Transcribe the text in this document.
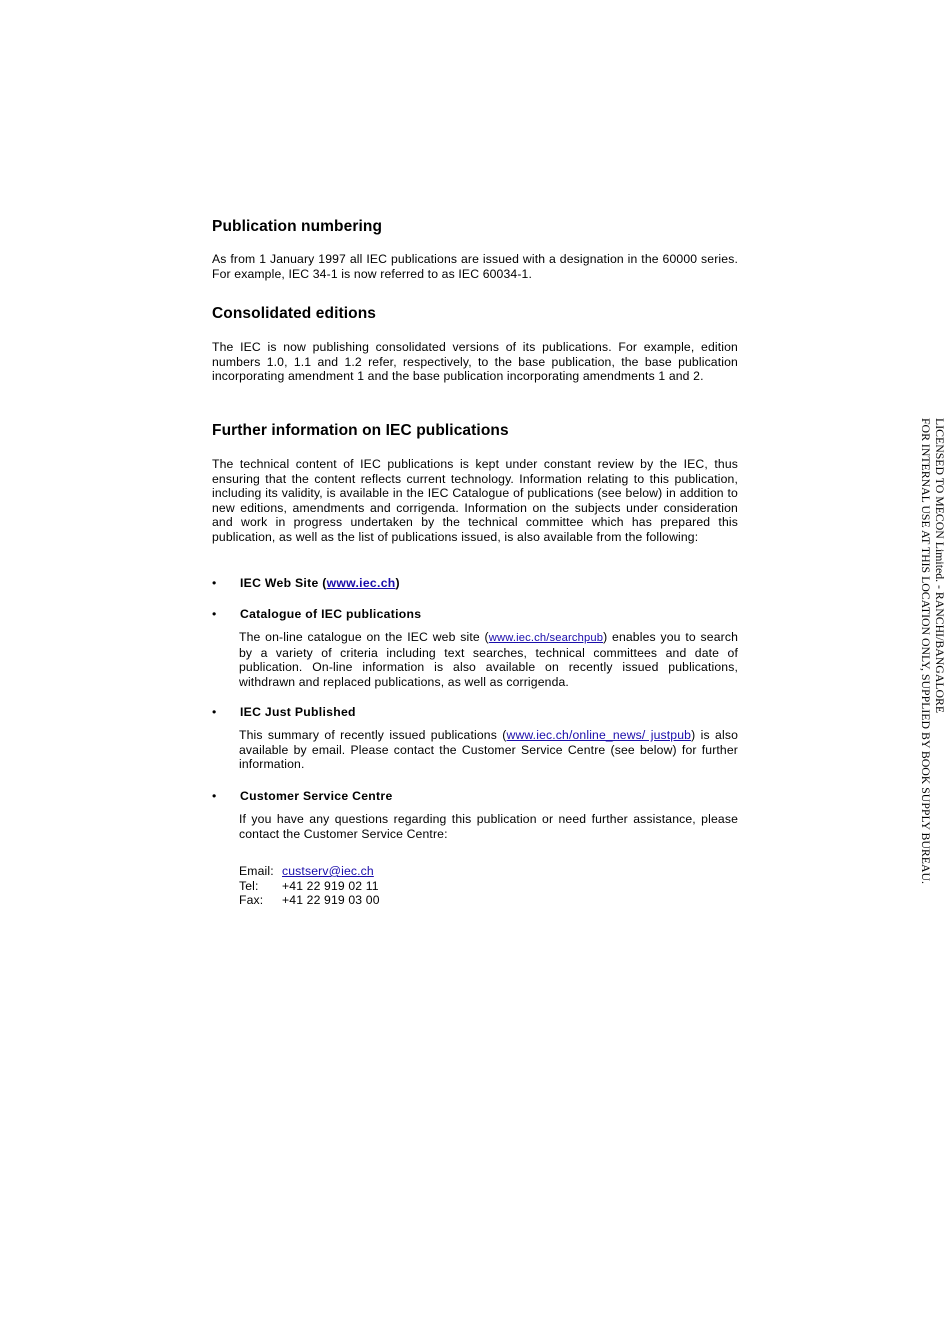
Publication numbering

As from 1 January 1997 all IEC publications are issued with a designation in the 60000 series. For example, IEC 34-1 is now referred to as IEC 60034-1.

Consolidated editions

The IEC is now publishing consolidated versions of its publications. For example, edition numbers 1.0, 1.1 and 1.2 refer, respectively, to the base publication, the base publication incorporating amendment 1 and the base publication incorporating amendments 1 and 2.

Further information on IEC publications

The technical content of IEC publications is kept under constant review by the IEC, thus ensuring that the content reflects current technology. Information relating to this publication, including its validity, is available in the IEC Catalogue of publications (see below) in addition to new editions, amendments and corrigenda. Information on the subjects under consideration and work in progress undertaken by the technical committee which has prepared this publication, as well as the list of publications issued, is also available from the following:

• IEC Web Site (www.iec.ch)
• Catalogue of IEC publications

The on-line catalogue on the IEC web site (www.iec.ch/searchpub) enables you to search by a variety of criteria including text searches, technical committees and date of publication. On-line information is also available on recently issued publications, withdrawn and replaced publications, as well as corrigenda.

• IEC Just Published

This summary of recently issued publications (www.iec.ch/online_news/ justpub) is also available by email. Please contact the Customer Service Centre (see below) for further information.

• Customer Service Centre

If you have any questions regarding this publication or need further assistance, please contact the Customer Service Centre:

Email: custserv@iec.ch
Tel: +41 22 919 02 11
Fax: +41 22 919 03 00
LICENSED TO MECON Limited. - RANCHI/BANGALORE
FOR INTERNAL USE AT THIS LOCATION ONLY, SUPPLIED BY BOOK SUPPLY BUREAU.
